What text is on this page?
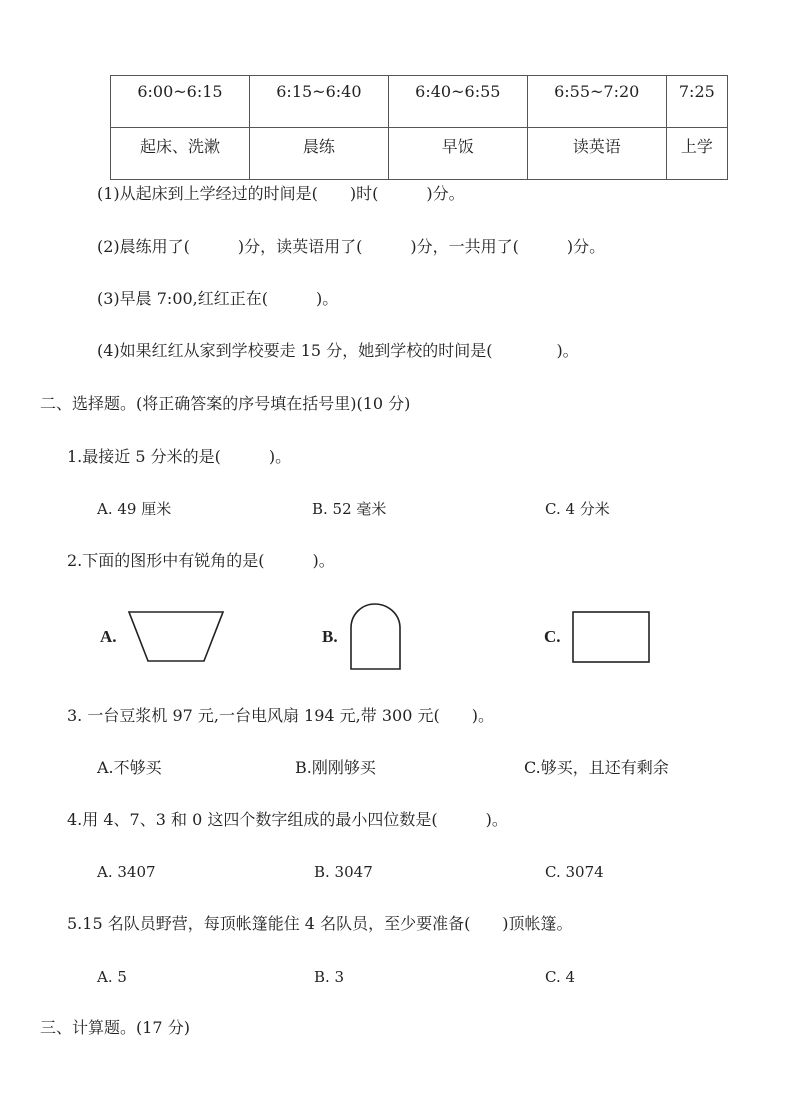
6:00~6:15	6:15~6:40	6:40~6:55	6:55~7:20	7:25
起床、洗漱	晨练	早饭	读英语	上学
(1)从起床到上学经过的时间是(　　)时(　　　)分。
(2)晨练用了(　　　)分，读英语用了(　　　)分，一共用了(　　　)分。
(3)早晨 7:00,红红正在(　　　)。
(4)如果红红从家到学校要走 15 分，她到学校的时间是(　　　　)。
二、选择题。(将正确答案的序号填在括号里)(10 分)
1.最接近 5 分米的是(　　　)。
A. 49 厘米	B. 52 毫米	C. 4 分米
2.下面的图形中有锐角的是(　　　)。
A.	B.	C.
3. 一台豆浆机 97 元,一台电风扇 194 元,带 300 元(　　)。
A.不够买	B.刚刚够买	C.够买，且还有剩余
4.用 4、7、3 和 0 这四个数字组成的最小四位数是(　　　)。
A. 3407	B. 3047	C. 3074
5.15 名队员野营，每顶帐篷能住 4 名队员，至少要准备(　　)顶帐篷。
A. 5	B. 3	C. 4
三、计算题。(17 分)
